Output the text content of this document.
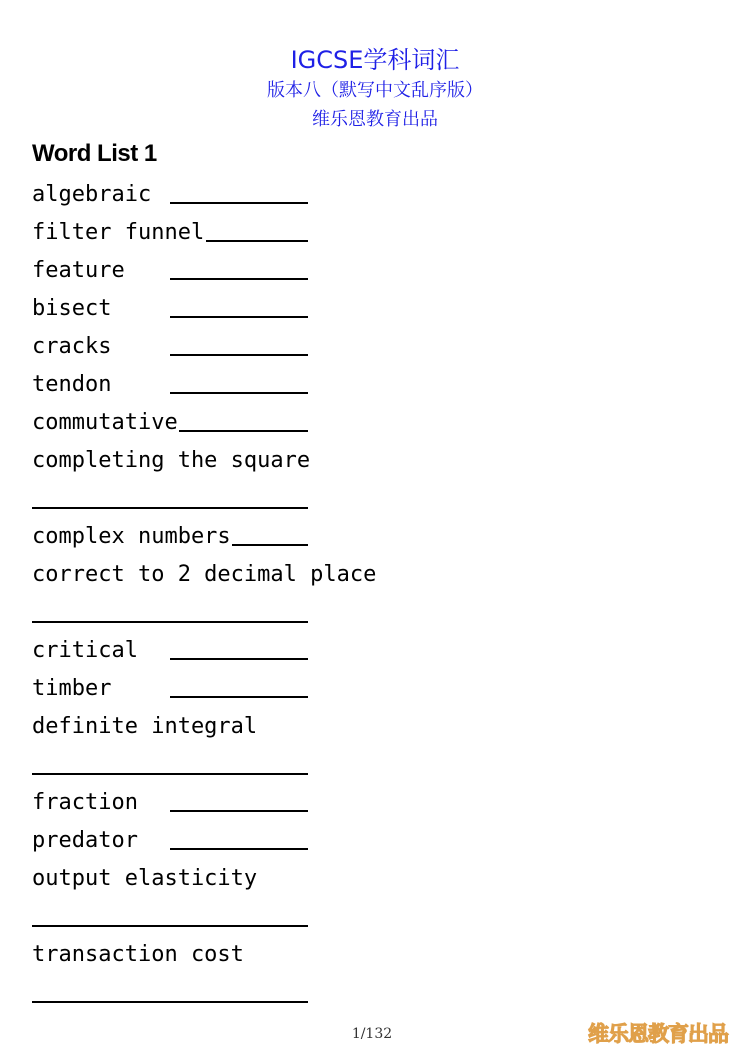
IGCSE学科词汇
版本八（默写中文乱序版）
维乐恩教育出品
Word List 1
algebraic
filter funnel
feature
bisect
cracks
tendon
commutative
completing the square
complex numbers
correct to 2 decimal place
critical
timber
definite integral
fraction
predator
output elasticity
transaction cost
1/132	维乐恩教育出品
